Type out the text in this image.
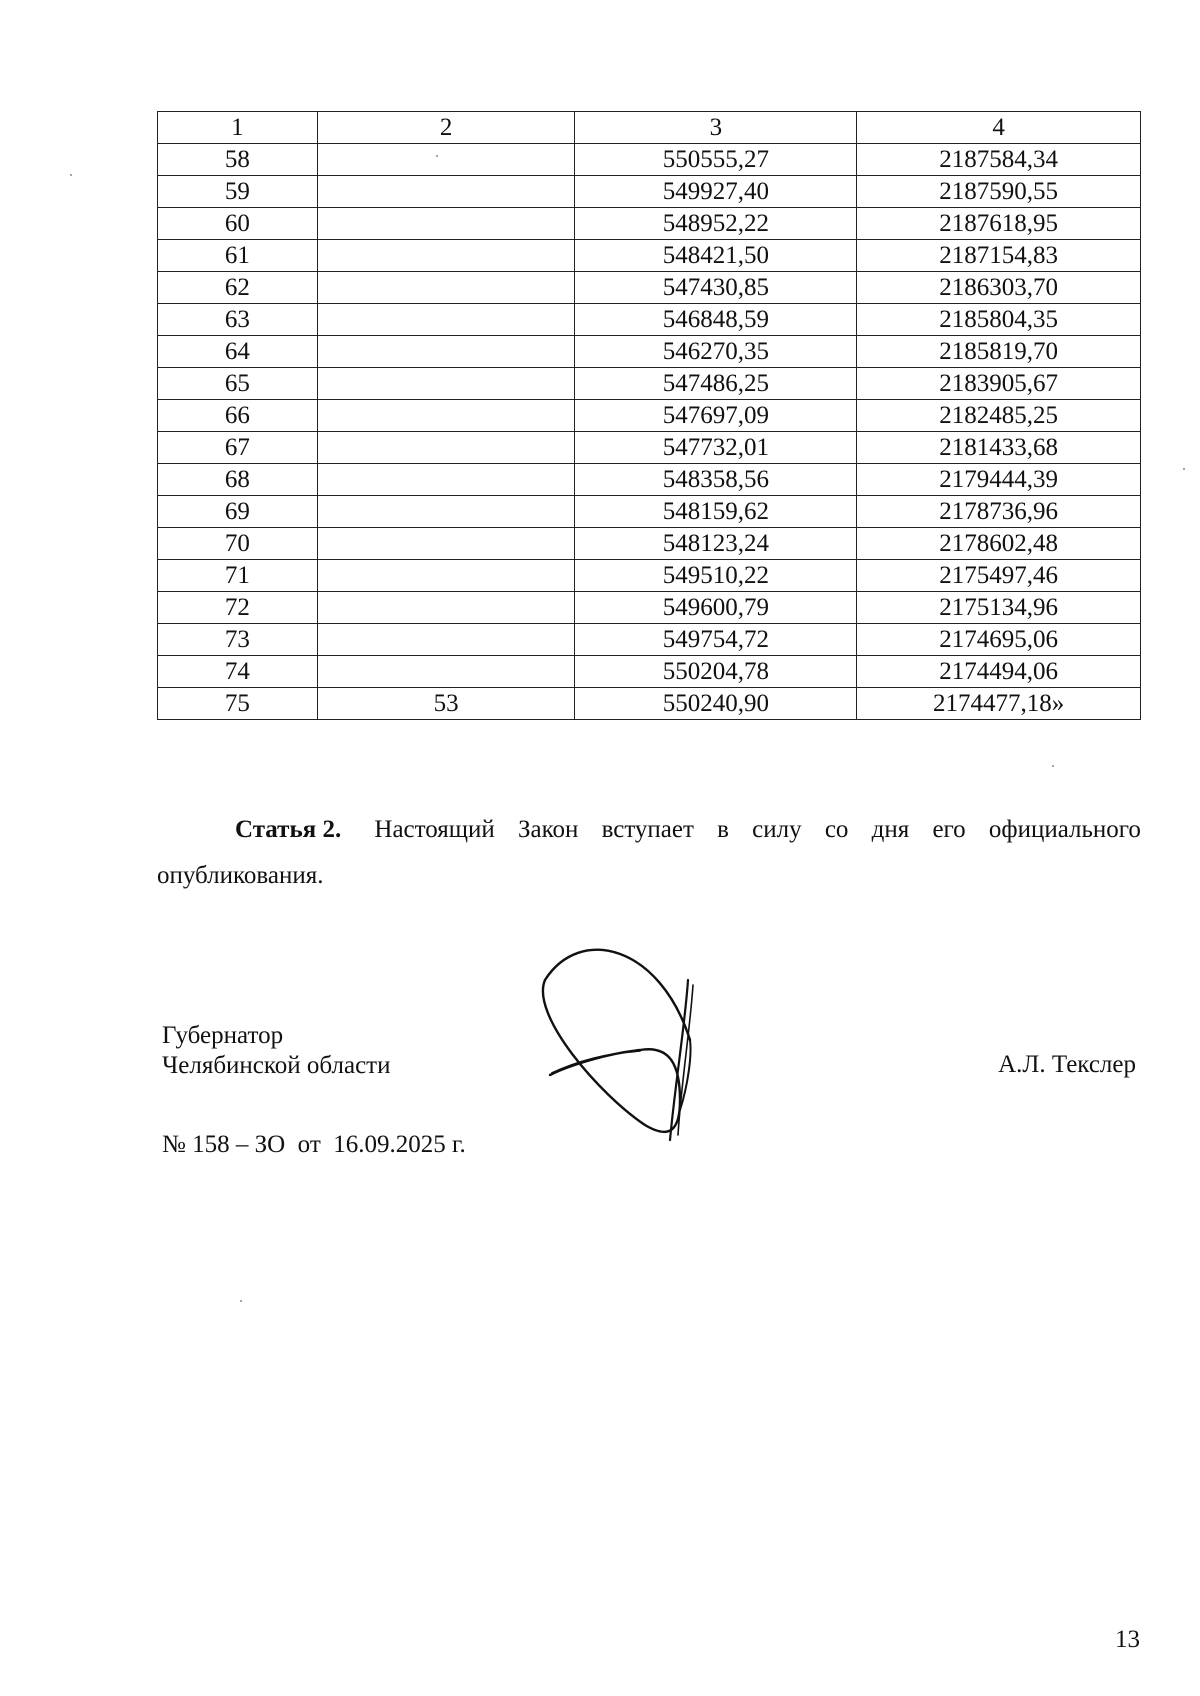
1	2	3	4
58		550555,27	2187584,34
59		549927,40	2187590,55
60		548952,22	2187618,95
61		548421,50	2187154,83
62		547430,85	2186303,70
63		546848,59	2185804,35
64		546270,35	2185819,70
65		547486,25	2183905,67
66		547697,09	2182485,25
67		547732,01	2181433,68
68		548358,56	2179444,39
69		548159,62	2178736,96
70		548123,24	2178602,48
71		549510,22	2175497,46
72		549600,79	2175134,96
73		549754,72	2174695,06
74		550204,78	2174494,06
75	53	550240,90	2174477,18»
Статья 2. Настоящий Закон вступает в силу со дня его официального
опубликования.
Губернатор
Челябинской области	А.Л. Текслер
№ 158 – ЗО  от  16.09.2025 г.
13
